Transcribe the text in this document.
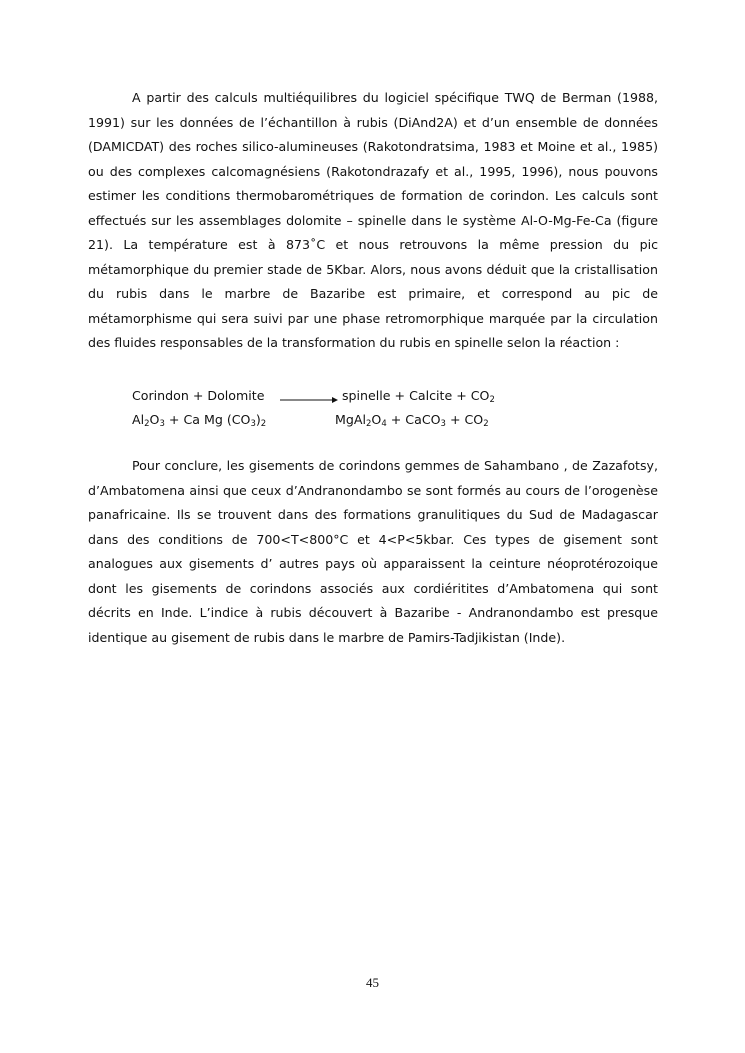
A partir des calculs multiéquilibres du logiciel spécifique TWQ de Berman (1988, 1991) sur les données de l’échantillon à rubis (DiAnd2A) et d’un ensemble de données (DAMICDAT) des roches silico-alumineuses (Rakotondratsima, 1983 et Moine et al., 1985) ou des complexes calcomagnésiens (Rakotondrazafy et al., 1995, 1996), nous pouvons estimer les conditions thermobarométriques de formation de corindon. Les calculs sont effectués sur les assemblages dolomite – spinelle dans le système Al-O-Mg-Fe-Ca (figure 21). La température est à 873˚C et nous retrouvons la même pression du pic métamorphique du premier stade de 5Kbar. Alors, nous avons déduit que la cristallisation du rubis dans le marbre de Bazaribe est primaire, et correspond au pic de métamorphisme qui sera suivi par une phase retromorphique marquée par la circulation des fluides responsables de la transformation du rubis en spinelle selon la réaction :

Corindon + Dolomite	spinelle + Calcite + $CO_2$
$Al_2O_3 + Ca$ Mg $(CO_3)_2$	$MgAl_2O_4$ + CaCO$_3$ + $CO_2$

Pour conclure, les gisements de corindons gemmes de Sahambano , de Zazafotsy, d’Ambatomena ainsi que ceux d’Andranondambo se sont formés au cours de l’orogenèse panafricaine. Ils se trouvent dans des formations granulitiques du Sud de Madagascar dans des conditions de 700<T<800°C et 4<P<5kbar. Ces types de gisement sont analogues aux gisements d’ autres pays où apparaissent la ceinture néoprotérozoique dont les gisements de corindons associés aux cordiéritites d’Ambatomena qui sont décrits en Inde. L’indice à rubis découvert à Bazaribe - Andranondambo est presque identique au gisement de rubis dans le marbre de Pamirs-Tadjikistan (Inde).

45
